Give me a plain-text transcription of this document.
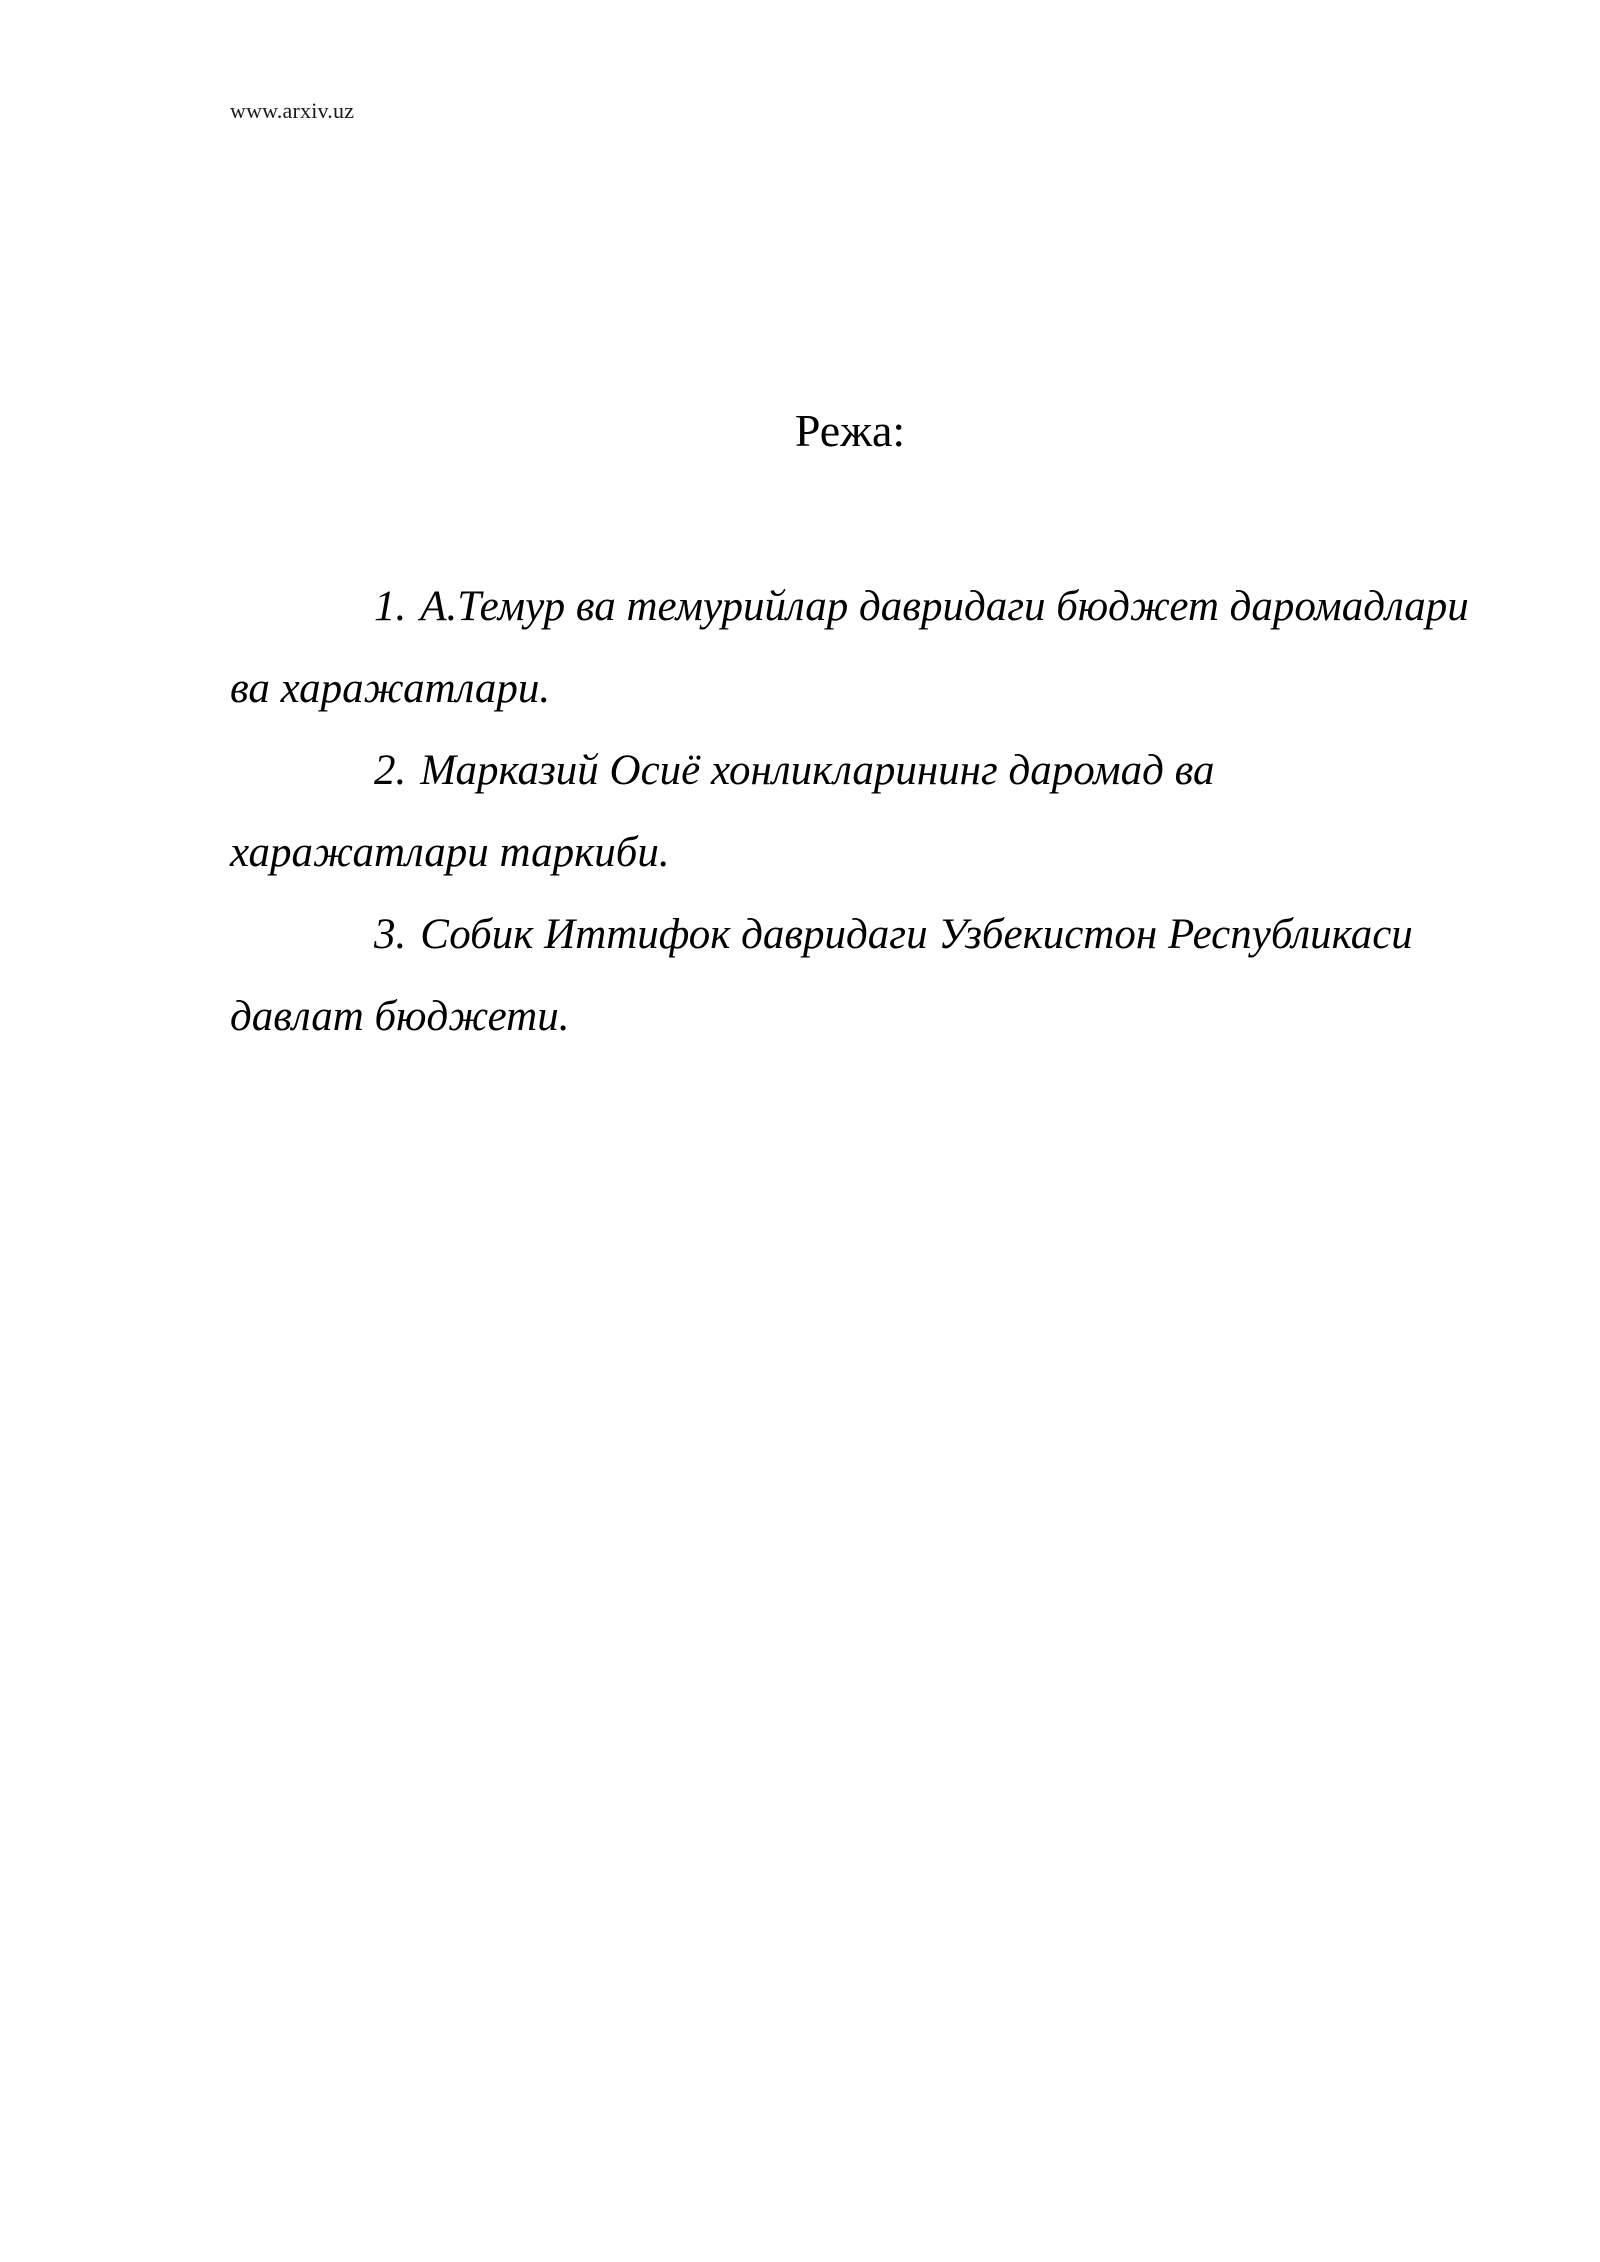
www.arxiv.uz
Режа:
1. А.Темур ва темурийлар давридаги бюджет даромадлари ва харажатлари.
2. Марказий Осиё хонликларининг даромад ва харажатлари таркиби.
3. Собик Иттифок давридаги Узбекистон Республикаси давлат бюджети.
